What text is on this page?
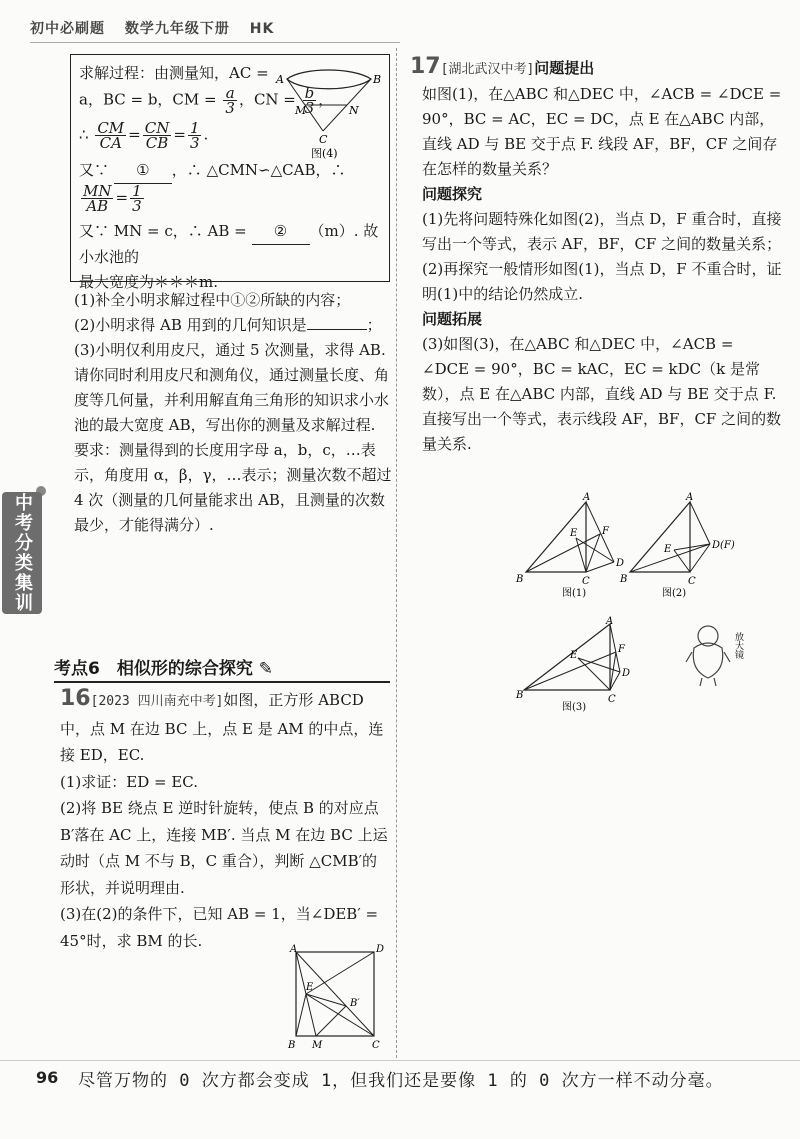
初中必刷题 数学九年级下册 HK
A	B
M	N
C
图(4)

求解过程：由测量知，AC =

a，BC = b，CM = $\frac{a}{3}$ ，CN = $\frac{b}{3}$ ，

∴ $\frac{CM}{CA} = \frac{CN}{CB} = \frac{1}{3}$ .

又∵ ① ，∴ △CMN∽△CAB，∴
$\frac{MN}{AB} = \frac{1}{3}$

又∵ MN = c，∴ AB = ② （m）. 故小水池的

最大宽度为＊＊＊m.

(1)补全小明求解过程中①②所缺的内容；

(2)小明求得 AB 用到的几何知识是	；

(3)小明仅利用皮尺，通过 5 次测量，求得 AB. 请你同时利用皮尺和测角仪，通过测量长度、角度等几何量，并利用解直角三角形的知识求小水池的最大宽度 AB，写出你的测量及求解过程.

要求：测量得到的长度用字母 a，b，c，…表示，角度用 α，β，γ，…表示；测量次数不超过 4 次（测量的几何量能求出 AB，且测量的次数最少，才能得满分）.

中考分类集训
考点6　相似形的综合探究 ✎

16[2023 四川南充中考]如图，正方形 ABCD 中，点 M 在边 BC 上，点 E 是 AM 的中点，连接 ED，EC.

(1)求证：ED = EC.

(2)将 BE 绕点 E 逆时针旋转，使点 B 的对应点 B′落在 AC 上，连接 MB′. 当点 M 在边 BC 上运动时（点 M 不与 B，C 重合），判断 △CMB′的形状，并说明理由.

(3)在(2)的条件下，已知 AB = 1，当∠DEB′ = 45°时，求 BM 的长.	A	D
B M	C
E
B′

17[湖北武汉中考]问题提出

如图(1)，在△ABC 和△DEC 中，∠ACB = ∠DCE = 90°，BC = AC，EC = DC，点 E 在△ABC 内部，直线 AD 与 BE 交于点 F. 线段 AF，BF，CF 之间存在怎样的数量关系？

问题探究

(1)先将问题特殊化如图(2)，当点 D，F 重合时，直接写出一个等式，表示 AF，BF，CF 之间的数量关系；

(2)再探究一般情形如图(1)，当点 D，F 不重合时，证明(1)中的结论仍然成立.

问题拓展

(3)如图(3)，在△ABC 和△DEC 中，∠ACB = ∠DCE = 90°，BC = kAC，EC = kDC（k 是常数），点 E 在△ABC 内部，直线 AD 与 BE 交于点 F. 直接写出一个等式，表示线段 AF，BF，CF 之间的数量关系.

A
B	C
D
E F
图(1)
A
B	C
D(F)
E
图(2)
A
B	C
D
E
F
图(3)
放大镜
96 尽管万物的 0 次方都会变成 1，但我们还是要像 1 的 0 次方一样不动分毫。
